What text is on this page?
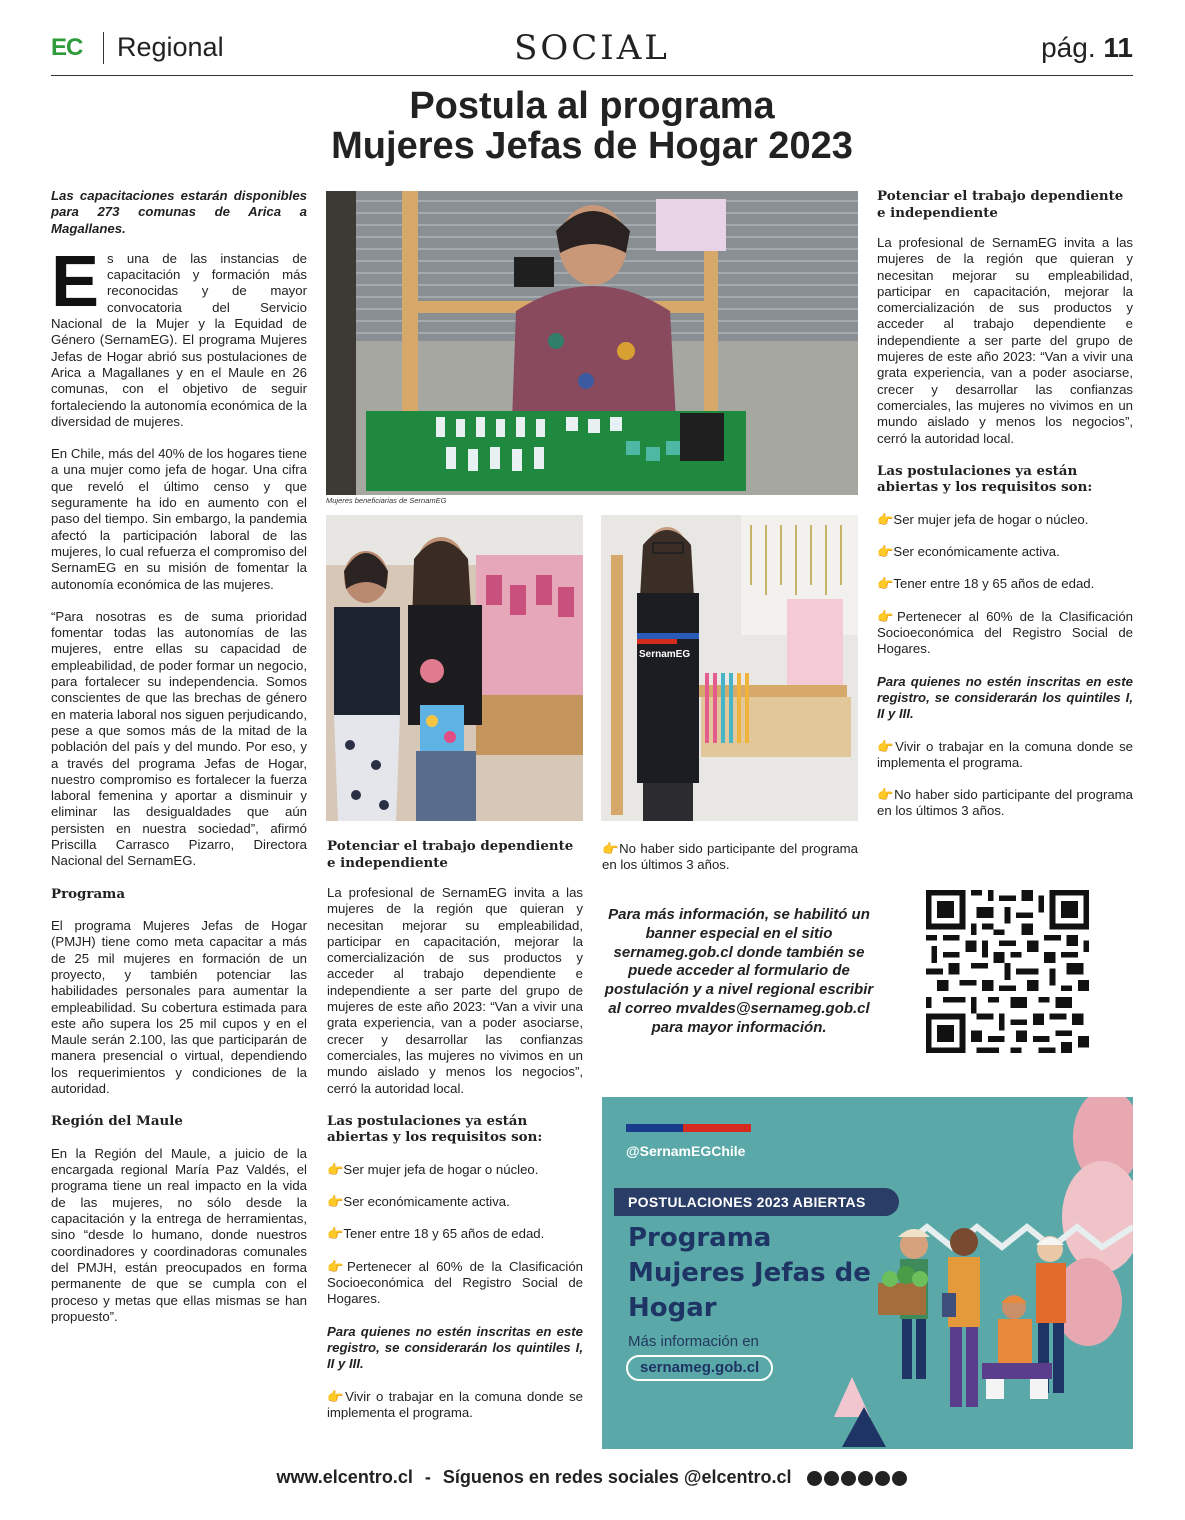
EC Regional	SOCIAL	pág. 11
Postula al programa
Mujeres Jefas de Hogar 2023

Las capacitaciones estarán disponibles para 273 comunas de Arica a Magallanes.

Es una de las instancias de capacitación y formación más reconocidas y de mayor convocatoria del Servicio Nacional de la Mujer y la Equidad de Género (SernamEG). El programa Mujeres Jefas de Hogar abrió sus postulaciones de Arica a Magallanes y en el Maule en 26 comunas, con el objetivo de seguir fortaleciendo la autonomía económica de la diversidad de mujeres.

En Chile, más del 40% de los hogares tiene a una mujer como jefa de hogar. Una cifra que reveló el último censo y que seguramente ha ido en aumento con el paso del tiempo. Sin embargo, la pandemia afectó la participación laboral de las mujeres, lo cual refuerza el compromiso del SernamEG en su misión de fomentar la autonomía económica de las mujeres.

“Para nosotras es de suma prioridad fomentar todas las autonomías de las mujeres, entre ellas su capacidad de empleabilidad, de poder formar un negocio, para fortalecer su independencia. Somos conscientes de que las brechas de género en materia laboral nos siguen perjudicando, pese a que somos más de la mitad de la población del país y del mundo. Por eso, y a través del programa Jefas de Hogar, nuestro compromiso es fortalecer la fuerza laboral femenina y aportar a disminuir y eliminar las desigualdades que aún persisten en nuestra sociedad”, afirmó Priscilla Carrasco Pizarro, Directora Nacional del SernamEG.

Programa

El programa Mujeres Jefas de Hogar (PMJH) tiene como meta capacitar a más de 25 mil mujeres en formación de un proyecto, y también potenciar las habilidades personales para aumentar la empleabilidad. Su cobertura estimada para este año supera los 25 mil cupos y en el Maule serán 2.100, las que participarán de manera presencial o virtual, dependiendo los requerimientos y condiciones de la autoridad.

Región del Maule

En la Región del Maule, a juicio de la encargada regional María Paz Valdés, el programa tiene un real impacto en la vida de las mujeres, no sólo desde la capacitación y la entrega de herramientas, sino “desde lo humano, donde nuestros coordinadores y coordinadoras comunales del PMJH, están preocupados en forma permanente de que se cumpla con el proceso y metas que ellas mismas se han propuesto”.

Mujeres beneficiarias de SernamEG
SernamEG

Potenciar el trabajo dependiente e independiente

La profesional de SernamEG invita a las mujeres de la región que quieran y necesitan mejorar su empleabilidad, participar en capacitación, mejorar la comercialización de sus productos y acceder al trabajo dependiente e independiente a ser parte del grupo de mujeres de este año 2023: “Van a vivir una grata experiencia, van a poder asociarse, crecer y desarrollar las confianzas comerciales, las mujeres no vivimos en un mundo aislado y menos los negocios”, cerró la autoridad local.

Las postulaciones ya están abiertas y los requisitos son:

👉Ser mujer jefa de hogar o núcleo.

👉Ser económicamente activa.

👉Tener entre 18 y 65 años de edad.

👉Pertenecer al 60% de la Clasificación Socioeconómica del Registro Social de Hogares.

Para quienes no estén inscritas en este registro, se considerarán los quintiles I, II y III.

👉Vivir o trabajar en la comuna donde se implementa el programa.

👉No haber sido participante del programa en los últimos 3 años.

Para más información, se habilitó un banner especial en el sitio sernameg.gob.cl donde también se puede acceder al formulario de postulación y a nivel regional escribir al correo mvaldes@sernameg.gob.cl para mayor información.

Potenciar el trabajo dependiente e independiente

La profesional de SernamEG invita a las mujeres de la región que quieran y necesitan mejorar su empleabilidad, participar en capacitación, mejorar la comercialización de sus productos y acceder al trabajo dependiente e independiente a ser parte del grupo de mujeres de este año 2023: “Van a vivir una grata experiencia, van a poder asociarse, crecer y desarrollar las confianzas comerciales, las mujeres no vivimos en un mundo aislado y menos los negocios”, cerró la autoridad local.

Las postulaciones ya están abiertas y los requisitos son:

👉Ser mujer jefa de hogar o núcleo.

👉Ser económicamente activa.

👉Tener entre 18 y 65 años de edad.

👉Pertenecer al 60% de la Clasificación Socioeconómica del Registro Social de Hogares.

Para quienes no estén inscritas en este registro, se considerarán los quintiles I, II y III.

👉Vivir o trabajar en la comuna donde se implementa el programa.

👉No haber sido participante del programa en los últimos 3 años.

@SernamEGChile
POSTULACIONES 2023 ABIERTAS
Programa Mujeres Jefas de Hogar
Más información en
sernameg.gob.cl
www.elcentro.cl - Síguenos en redes sociales @elcentro.cl
